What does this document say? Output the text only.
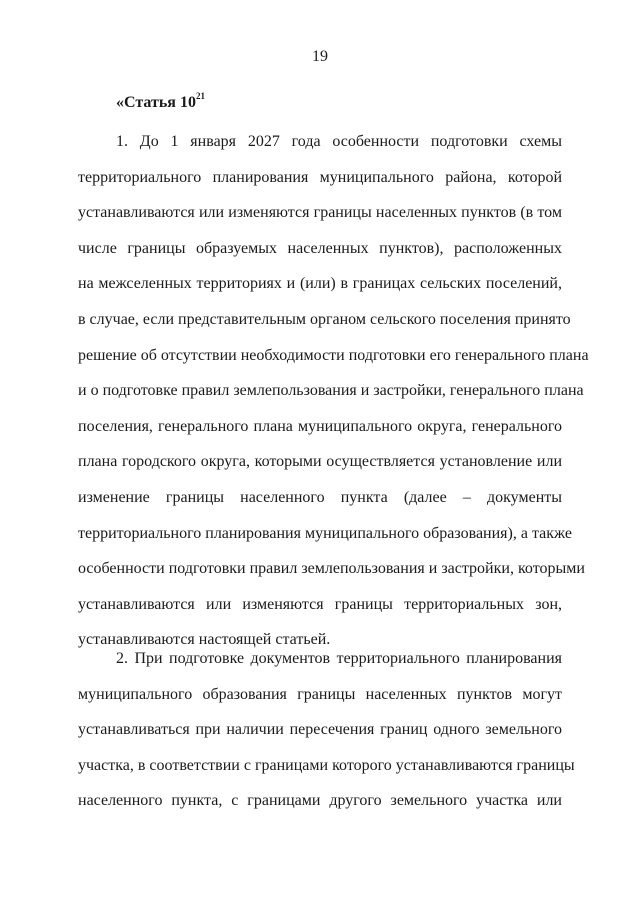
19
«Статья $10^{21}$
1. До 1 января 2027 года особенности подготовки схемы
территориального планирования муниципального района, которой
устанавливаются или изменяются границы населенных пунктов (в том
числе границы образуемых населенных пунктов), расположенных
на межселенных территориях и (или) в границах сельских поселений,
в случае, если представительным органом сельского поселения принято
решение об отсутствии необходимости подготовки его генерального плана
и о подготовке правил землепользования и застройки, генерального плана
поселения, генерального плана муниципального округа, генерального
плана городского округа, которыми осуществляется установление или
изменение границы населенного пункта (далее – документы
территориального планирования муниципального образования), а также
особенности подготовки правил землепользования и застройки, которыми
устанавливаются или изменяются границы территориальных зон,
устанавливаются настоящей статьей.
2. При подготовке документов территориального планирования
муниципального образования границы населенных пунктов могут
устанавливаться при наличии пересечения границ одного земельного
участка, в соответствии с границами которого устанавливаются границы
населенного пункта, с границами другого земельного участка или
